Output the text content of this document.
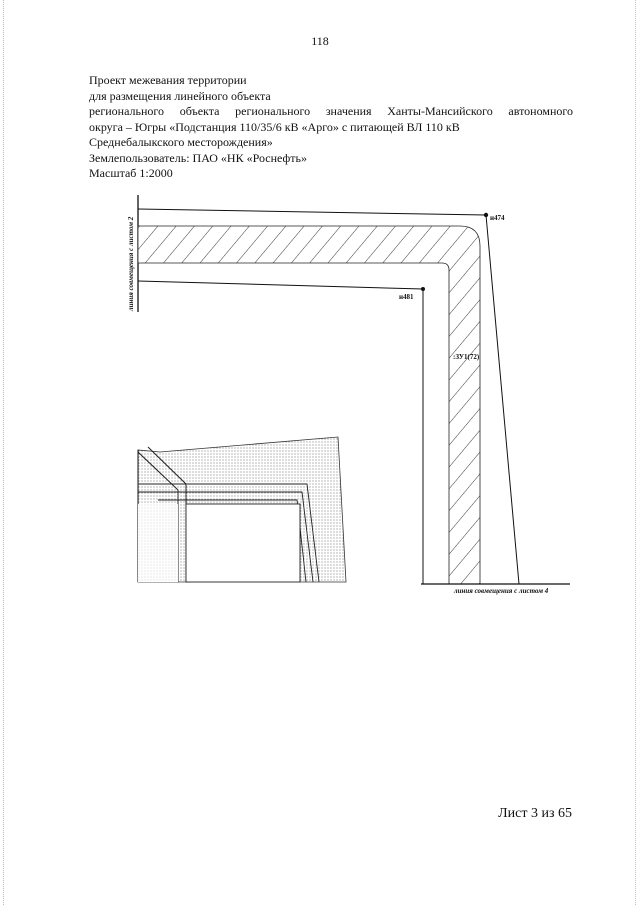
118
Проект межевания территории
для размещения линейного объекта
регионального объекта регионального значения Ханты-Мансийского автономного
округа – Югры «Подстанция 110/35/6 кВ «Арго» с питающей ВЛ 110 кВ
Среднебалыкского месторождения»
Землепользователь: ПАО «НК «Роснефть»
Масштаб 1:2000
н474
н481
:ЗУ1(72)
линия совмещения с листом 2
линия совмещения с листом 4
Лист 3 из 65
